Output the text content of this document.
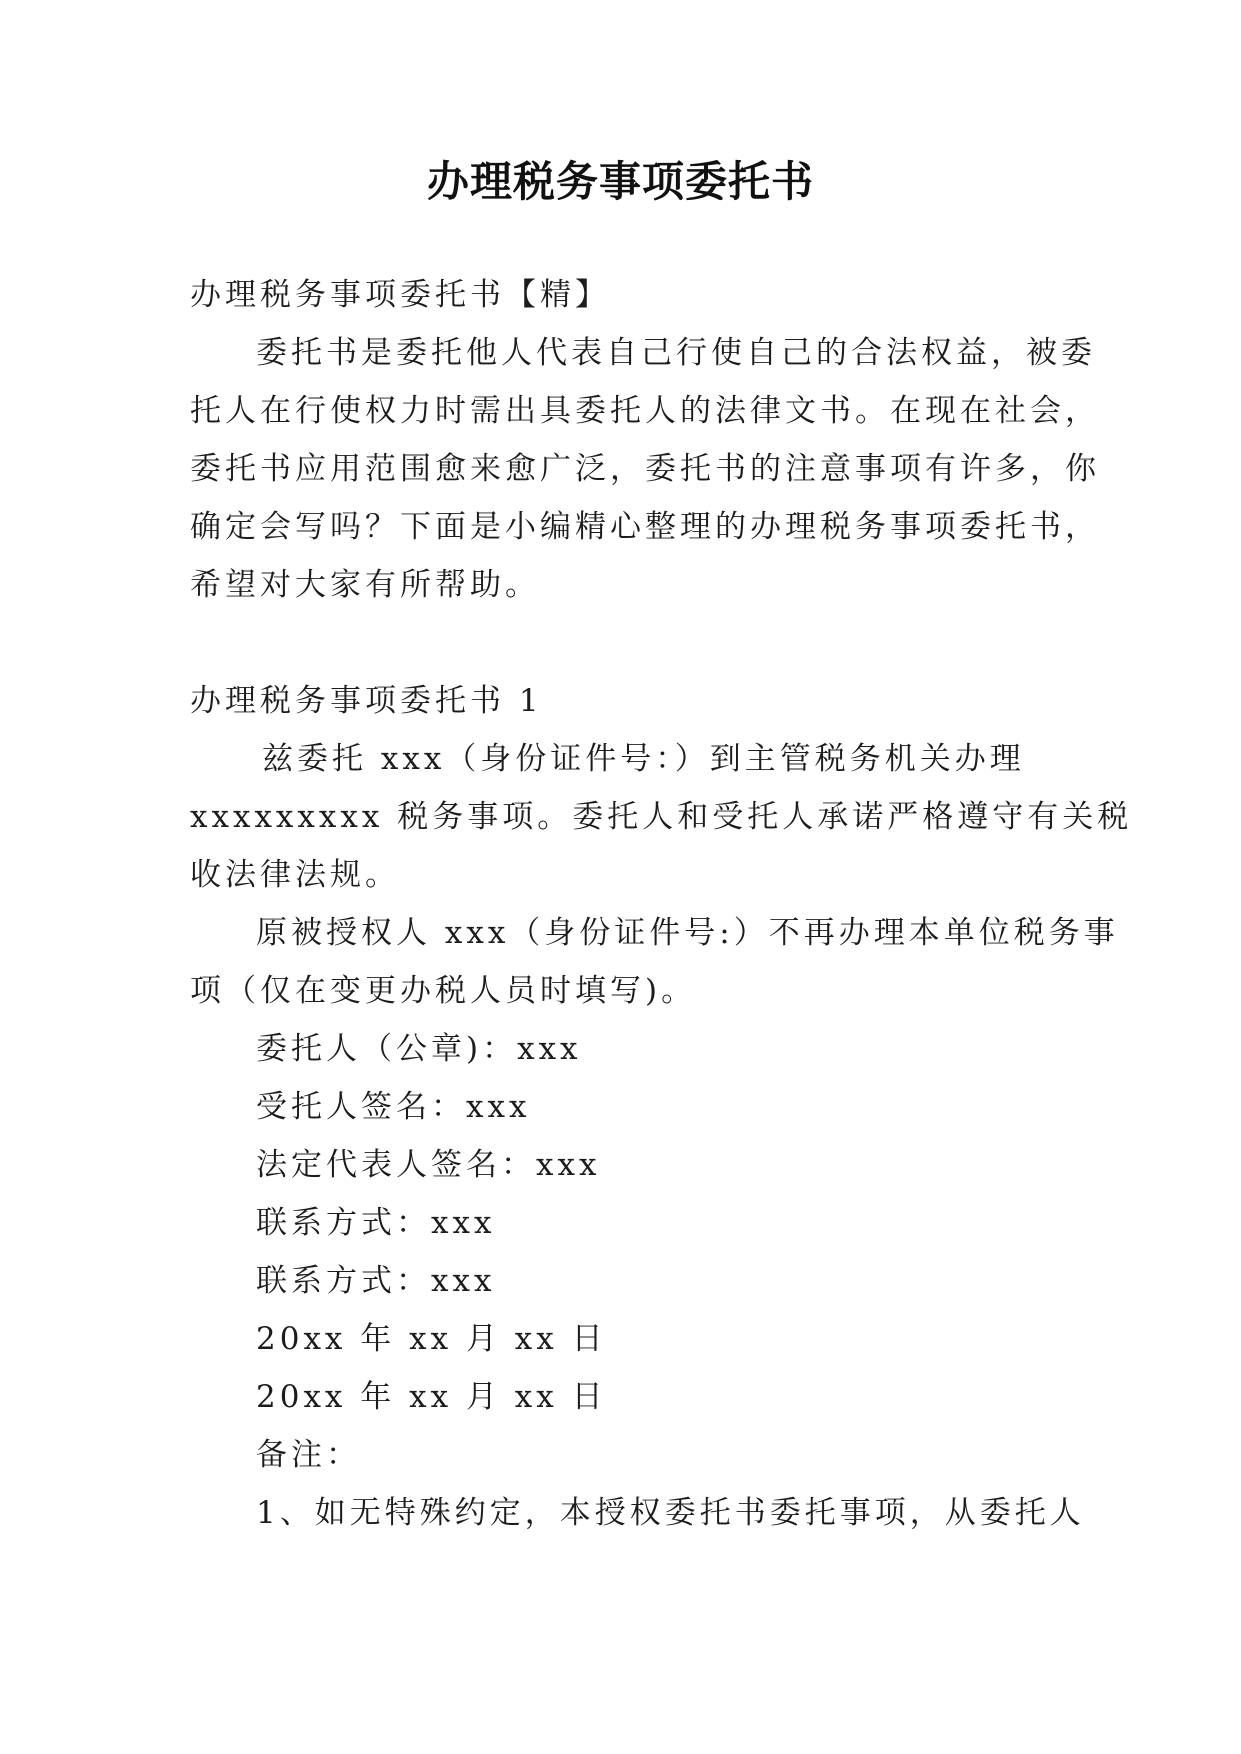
办理税务事项委托书
办理税务事项委托书【精】
委托书是委托他人代表自己行使自己的合法权益，被委
托人在行使权力时需出具委托人的法律文书。在现在社会，
委托书应用范围愈来愈广泛，委托书的注意事项有许多，你
确定会写吗？下面是小编精心整理的办理税务事项委托书，
希望对大家有所帮助。
办理税务事项委托书 1
兹委托 xxx（身份证件号：）到主管税务机关办理
xxxxxxxxx 税务事项。委托人和受托人承诺严格遵守有关税
收法律法规。
原被授权人 xxx（身份证件号:）不再办理本单位税务事
项（仅在变更办税人员时填写)。
委托人（公章)：xxx
受托人签名：xxx
法定代表人签名：xxx
联系方式：xxx
联系方式：xxx
20xx 年 xx 月 xx 日
20xx 年 xx 月 xx 日
备注：
1、如无特殊约定，本授权委托书委托事项，从委托人
